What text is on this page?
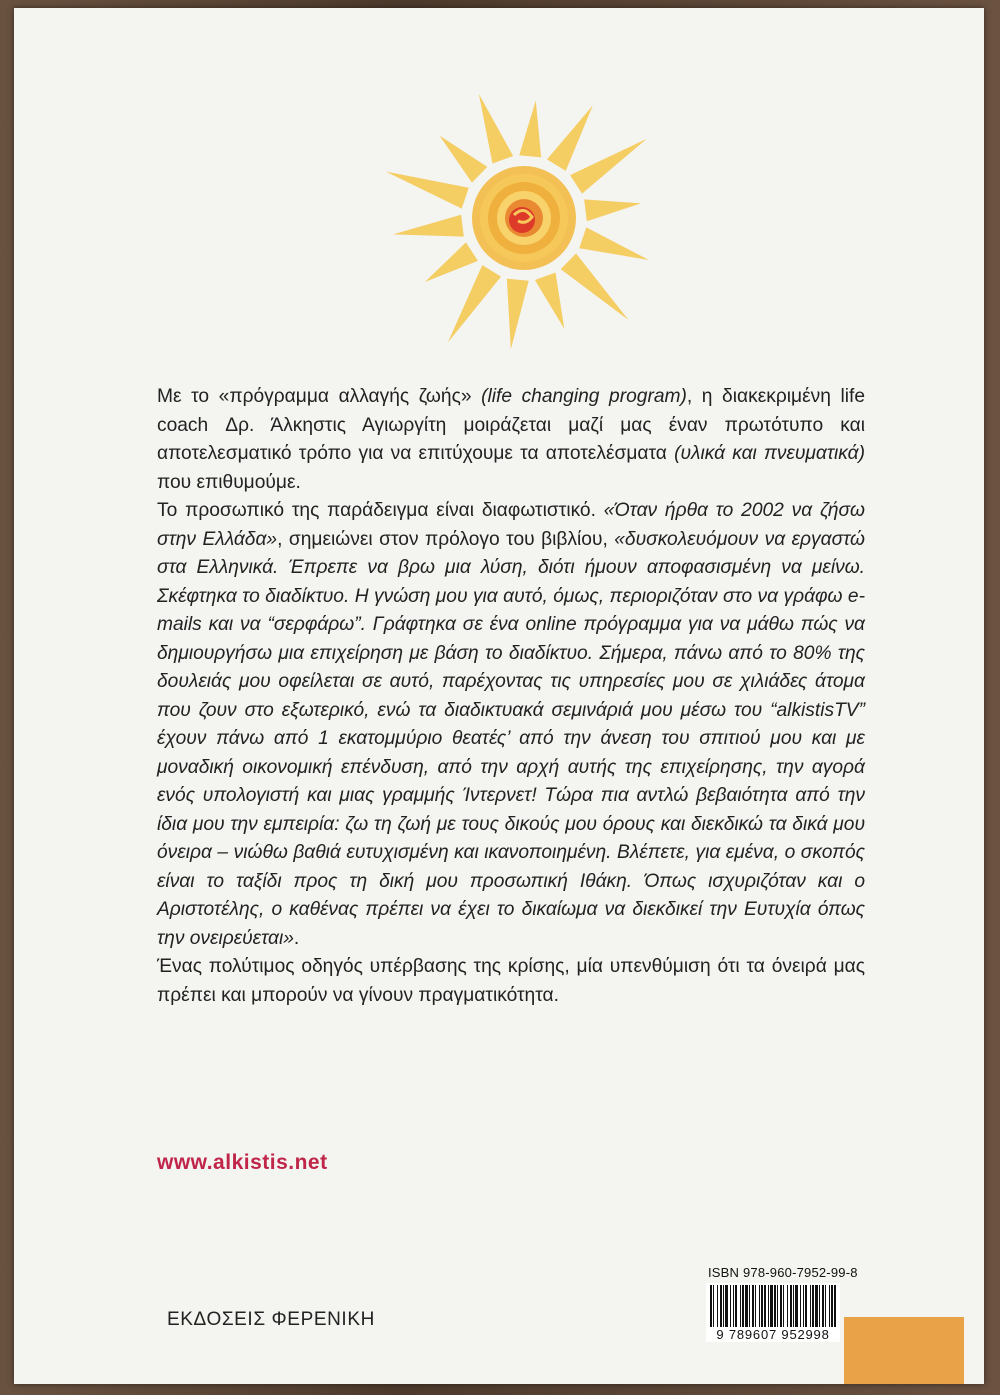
Με το «πρόγραμμα αλλαγής ζωής» (life changing program), η διακεκριμένη life coach Δρ. Άλκηστις Αγιωργίτη μοιράζεται μαζί μας έναν πρωτότυπο και αποτελεσματικό τρόπο για να επιτύχουμε τα αποτελέσματα (υλικά και πνευματικά) που επιθυμούμε.

Το προσωπικό της παράδειγμα είναι διαφωτιστικό. «Όταν ήρθα το 2002 να ζήσω στην Ελλάδα», σημειώνει στον πρόλογο του βιβλίου, «δυσκολευόμουν να εργαστώ στα Ελληνικά. Έπρεπε να βρω μια λύση, διότι ήμουν αποφασισμένη να μείνω. Σκέφτηκα το διαδίκτυο. Η γνώση μου για αυτό, όμως, περιοριζόταν στο να γράφω e-mails και να “σερφάρω”. Γράφτηκα σε ένα online πρόγραμμα για να μάθω πώς να δημιουργήσω μια επιχείρηση με βάση το διαδίκτυο. Σήμερα, πάνω από το 80% της δουλειάς μου οφείλεται σε αυτό, παρέχοντας τις υπηρεσίες μου σε χιλιάδες άτομα που ζουν στο εξωτερικό, ενώ τα διαδικτυακά σεμινάριά μου μέσω του “alkistisTV” έχουν πάνω από 1 εκατομμύριο θεατές’ από την άνεση του σπιτιού μου και με μοναδική οικονομική επένδυση, από την αρχή αυτής της επιχείρησης, την αγορά ενός υπολογιστή και μιας γραμμής Ίντερνετ! Τώρα πια αντλώ βεβαιότητα από την ίδια μου την εμπειρία: ζω τη ζωή με τους δικούς μου όρους και διεκδικώ τα δικά μου όνειρα – νιώθω βαθιά ευτυχισμένη και ικανοποιημένη. Βλέπετε, για εμένα, ο σκοπός είναι το ταξίδι προς τη δική μου προσωπική Ιθάκη. Όπως ισχυριζόταν και ο Αριστοτέλης, ο καθένας πρέπει να έχει το δικαίωμα να διεκδικεί την Ευτυχία όπως την ονειρεύεται».

Ένας πολύτιμος οδηγός υπέρβασης της κρίσης, μία υπενθύμιση ότι τα όνειρά μας πρέπει και μπορούν να γίνουν πραγματικότητα.

www.alkistis.net
ΕΚΔΟΣΕΙΣ ΦΕΡΕΝΙΚΗ
ISBN 978-960-7952-99-8
9 789607 952998
